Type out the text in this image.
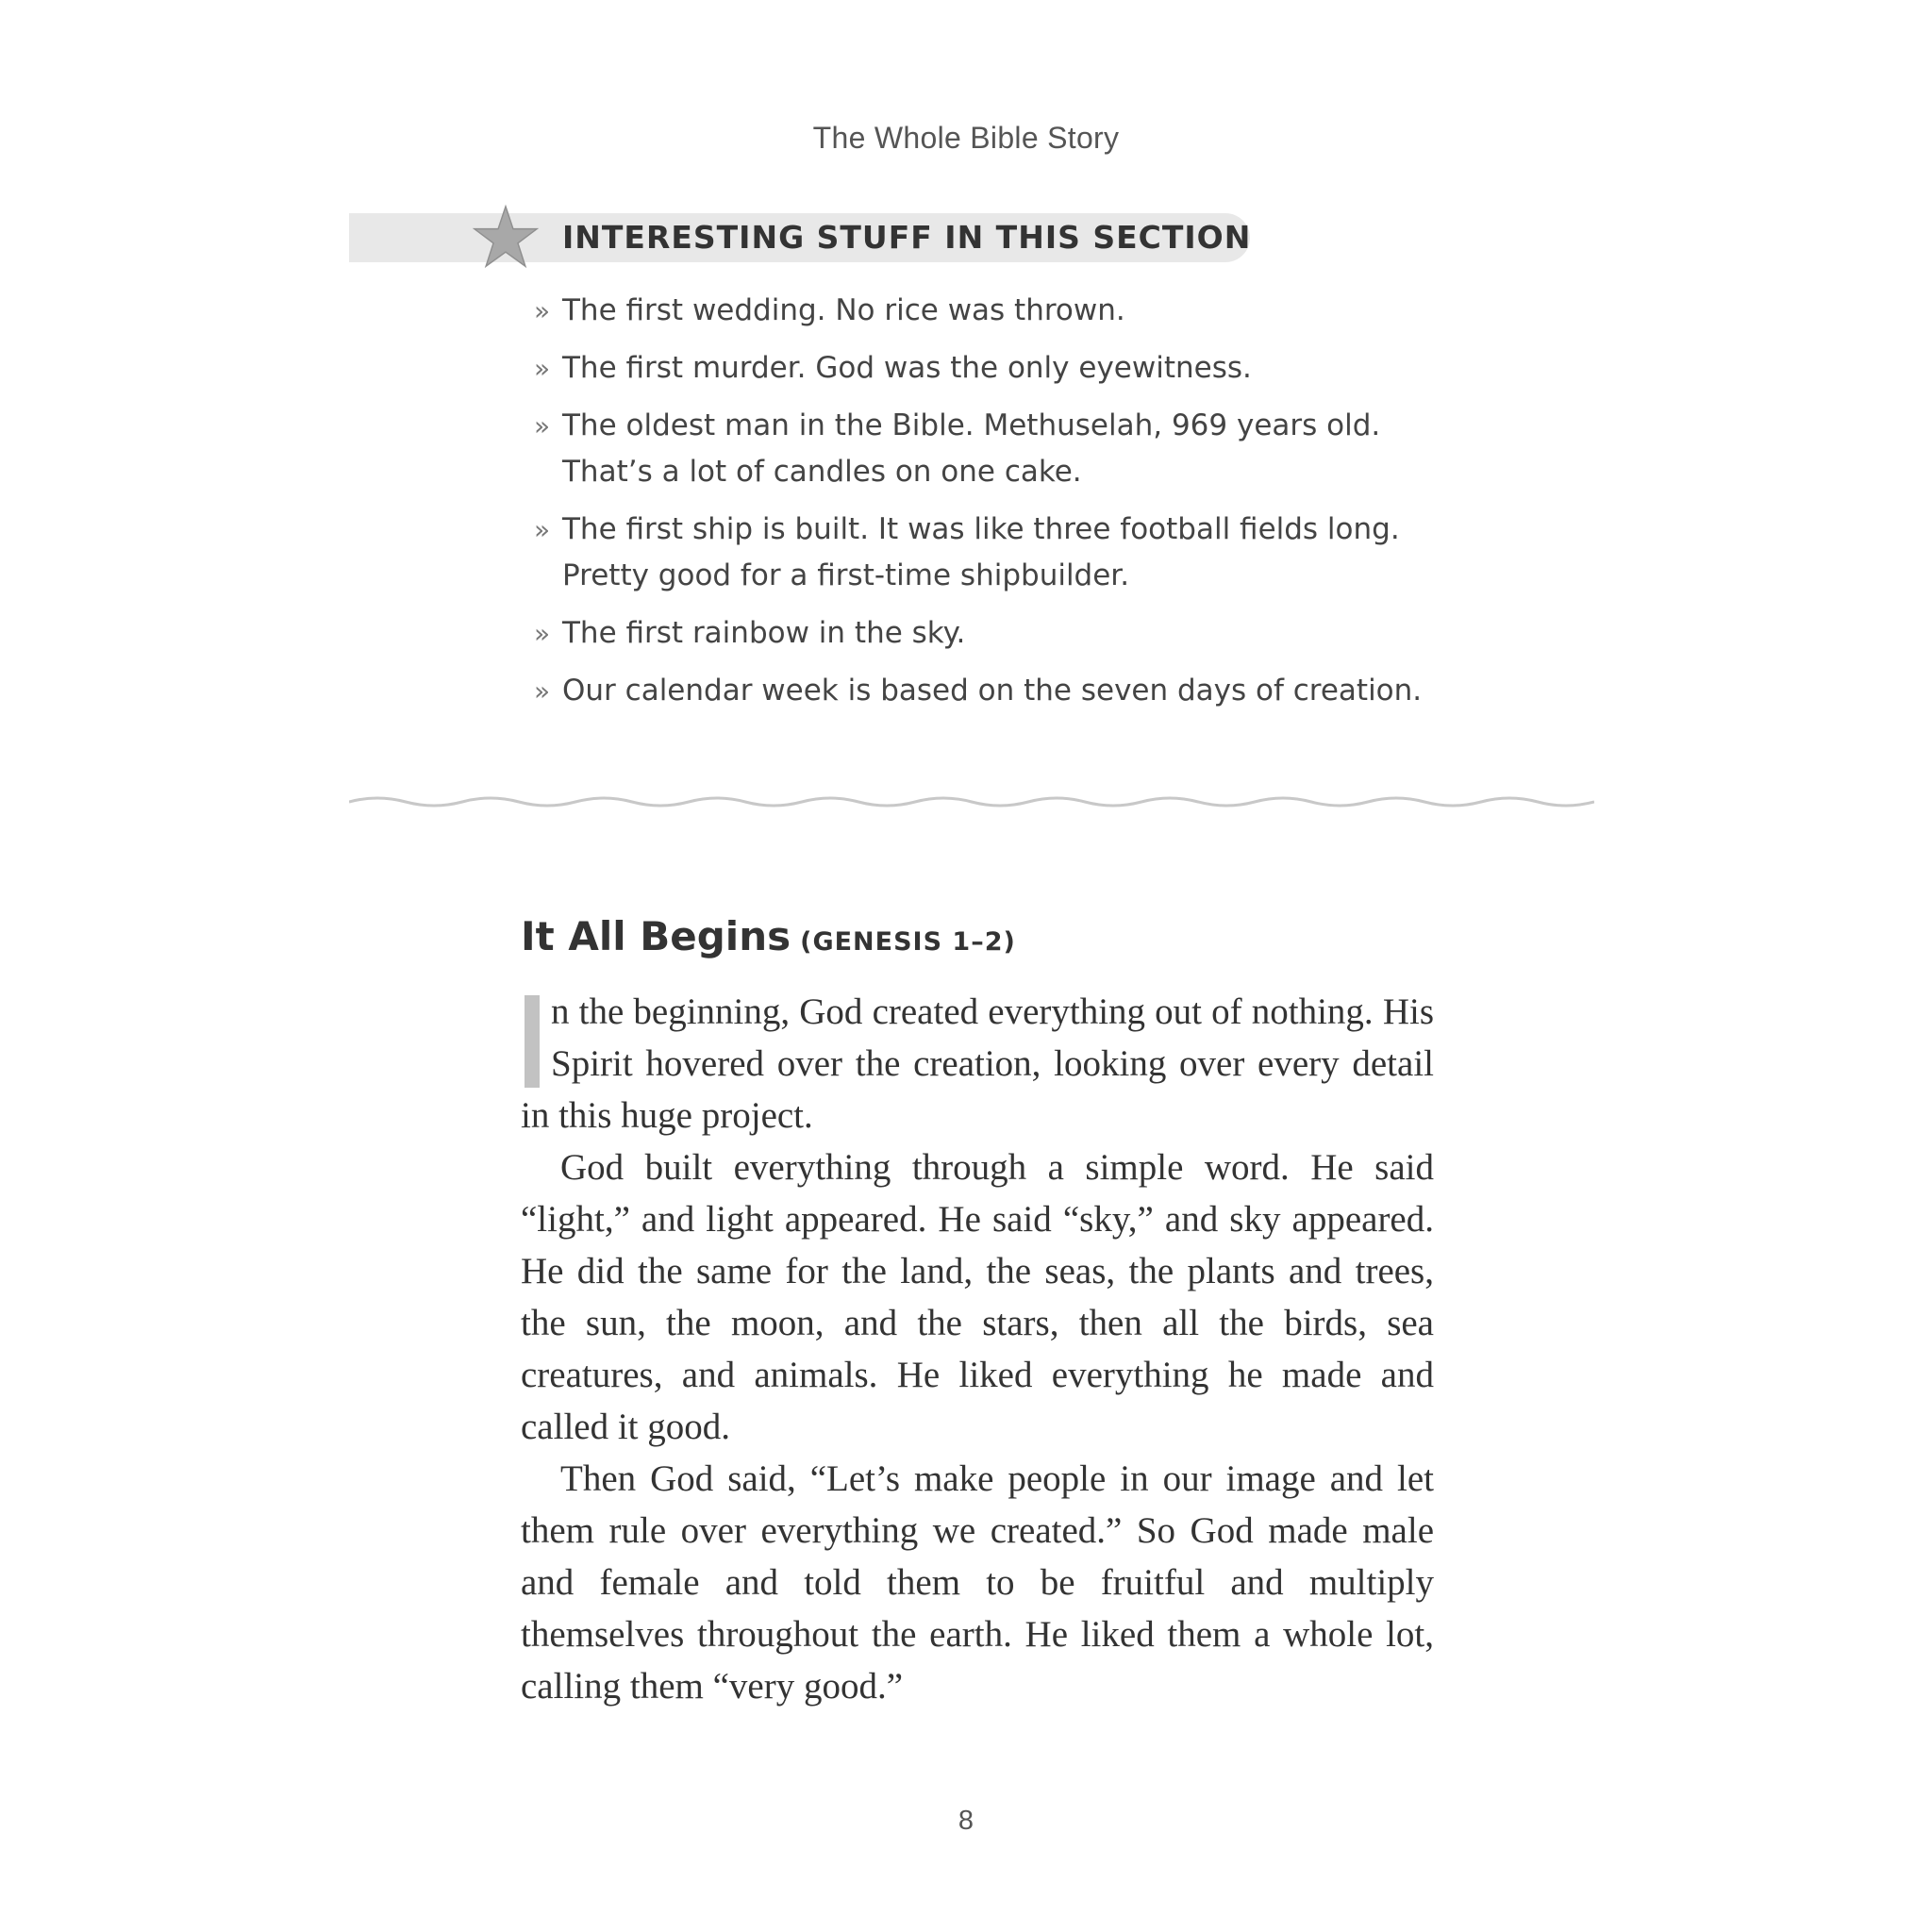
The Whole Bible Story
INTERESTING STUFF IN THIS SECTION
» The first wedding. No rice was thrown.
» The first murder. God was the only eyewitness.
» The oldest man in the Bible. Methuselah, 969 years old. That’s a lot of candles on one cake.
» The first ship is built. It was like three football fields long. Pretty good for a first-time shipbuilder.
» The first rainbow in the sky.
» Our calendar week is based on the seven days of creation.
It All Begins (GENESIS 1–2)

n the beginning, God created everything out of nothing. His Spirit hovered over the creation, looking over every detail in this huge project.

God built everything through a simple word. He said “light,” and light appeared. He said “sky,” and sky appeared. He did the same for the land, the seas, the plants and trees, the sun, the moon, and the stars, then all the birds, sea creatures, and animals. He liked everything he made and called it good.

Then God said, “Let’s make people in our image and let them rule over everything we created.” So God made male and female and told them to be fruitful and multiply themselves throughout the earth. He liked them a whole lot, calling them “very good.”

8
